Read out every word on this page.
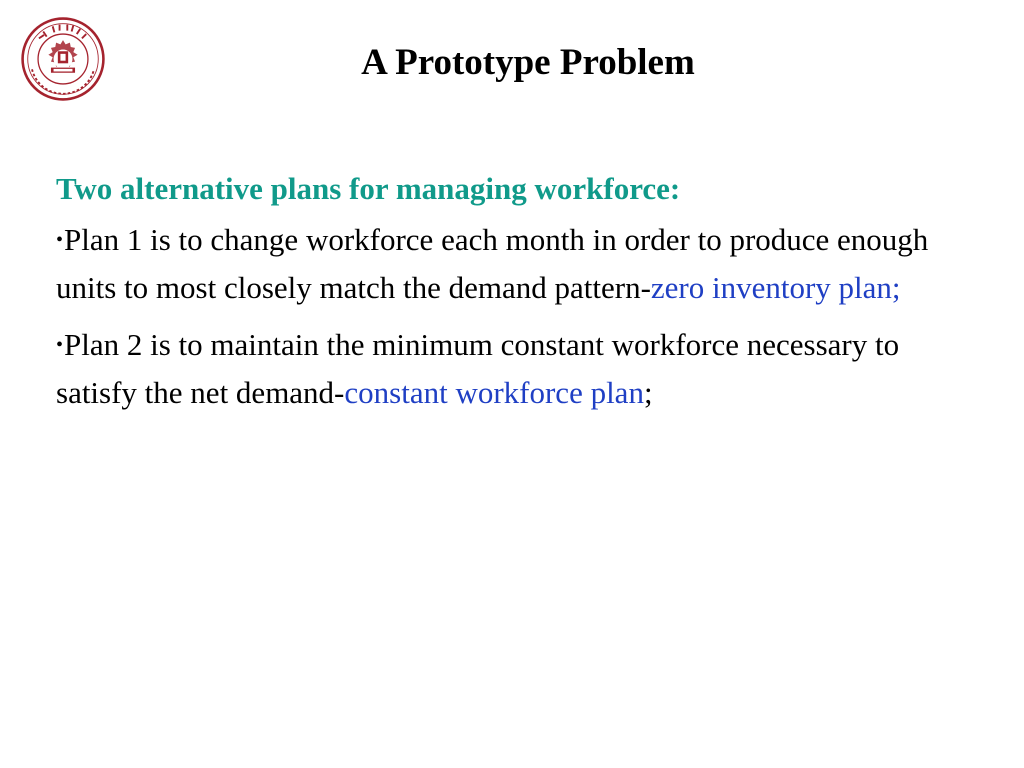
A Prototype Problem
Two alternative plans for managing workforce:
•Plan 1 is to change workforce each month in order to produce enough units to most closely match the demand pattern-zero inventory plan;
•Plan 2 is to maintain the minimum constant workforce necessary to satisfy the net demand-constant workforce plan;
